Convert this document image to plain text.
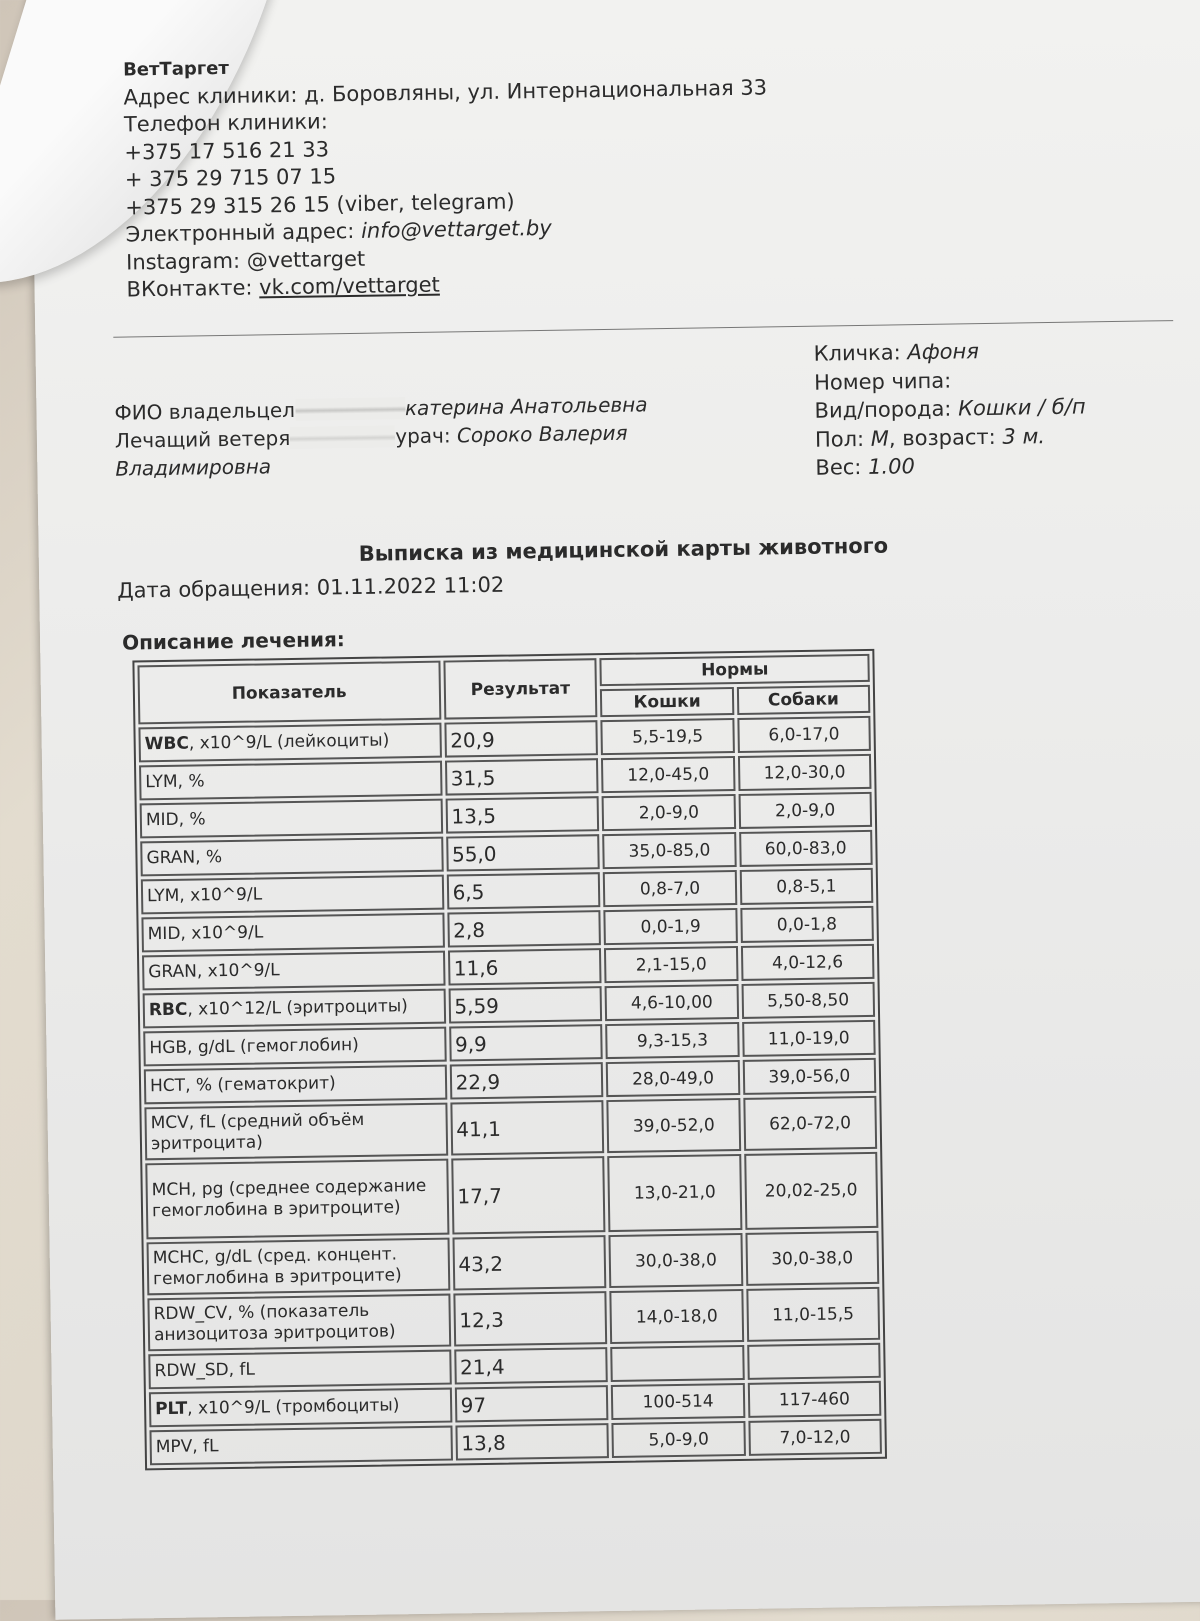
ВетТаргет
Адрес клиники: д. Боровляны, ул. Интернациональная 33
Телефон клиники:
+375 17 516 21 33
+ 375 29 715 07 15
+375 29 315 26 15 (viber, telegram)
Электронный адрес: info@vettarget.by
Instagram: @vettarget
ВКонтакте: vk.com/vettarget
ФИО владельцел	катерина Анатольевна
Лечащий ветеря	урач: Сороко Валерия Владимировна
Кличка: Афоня
Номер чипа:
Вид/порода: Кошки / б/п
Пол: М, возраст: 3 м.
Вес: 1.00
Выписка из медицинской карты животного
Дата обращения: 01.11.2022 11:02
Описание лечения:
Показатель	Результат	Нормы	
		Кошки	Собаки
WBC, x10^9/L (лейкоциты)	20,9	5,5-19,5	6,0-17,0
LYM, %	31,5	12,0-45,0	12,0-30,0
MID, %	13,5	2,0-9,0	2,0-9,0
GRAN, %	55,0	35,0-85,0	60,0-83,0
LYM, x10^9/L	6,5	0,8-7,0	0,8-5,1
MID, x10^9/L	2,8	0,0-1,9	0,0-1,8
GRAN, x10^9/L	11,6	2,1-15,0	4,0-12,6
RBC, x10^12/L (эритроциты)	5,59	4,6-10,00	5,50-8,50
HGB, g/dL (гемоглобин)	9,9	9,3-15,3	11,0-19,0
HCT, % (гематокрит)	22,9	28,0-49,0	39,0-56,0
MCV, fL (средний объём эритроцита)	41,1	39,0-52,0	62,0-72,0
MCH, pg (среднее содержание гемоглобина в эритроците)	17,7	13,0-21,0	20,02-25,0
MCHC, g/dL (сред. концент. гемоглобина в эритроците)	43,2	30,0-38,0	30,0-38,0
RDW_CV, % (показатель анизоцитоза эритроцитов)	12,3	14,0-18,0	11,0-15,5
RDW_SD, fL	21,4		
PLT, x10^9/L (тромбоциты)	97	100-514	117-460
MPV, fL	13,8	5,0-9,0	7,0-12,0
